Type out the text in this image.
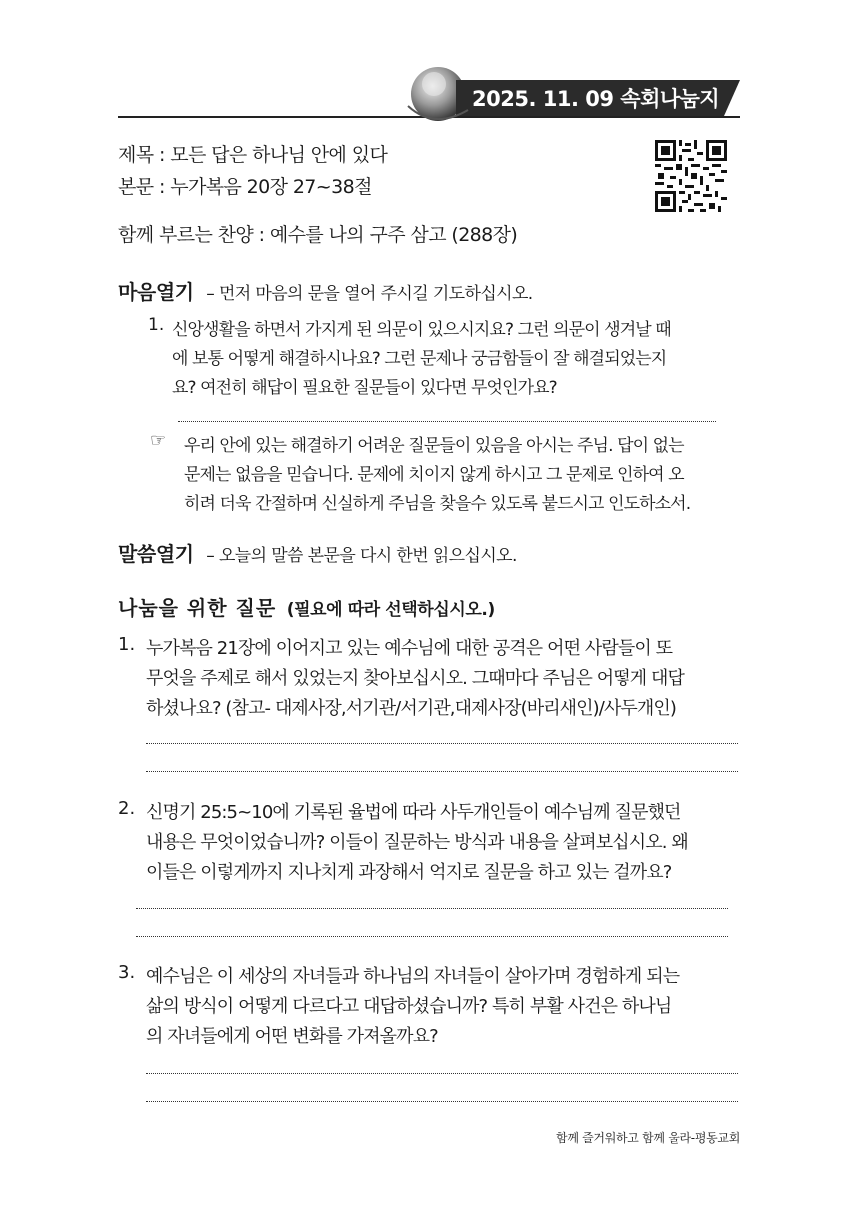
2025. 11. 09 속회나눔지
제목 : 모든 답은 하나님 안에 있다
본문 : 누가복음 20장 27~38절
함께 부르는 찬양 : 예수를 나의 구주 삼고 (288장)
마음열기 – 먼저 마음의 문을 열어 주시길 기도하십시오.
1. 신앙생활을 하면서 가지게 된 의문이 있으시지요? 그런 의문이 생겨날 때
에 보통 어떻게 해결하시나요? 그런 문제나 궁금함들이 잘 해결되었는지
요? 여전히 해답이 필요한 질문들이 있다면 무엇인가요?
☞ 우리 안에 있는 해결하기 어려운 질문들이 있음을 아시는 주님. 답이 없는
문제는 없음을 믿습니다. 문제에 치이지 않게 하시고 그 문제로 인하여 오
히려 더욱 간절하며 신실하게 주님을 찾을수 있도록 붙드시고 인도하소서.
말씀열기 – 오늘의 말씀 본문을 다시 한번 읽으십시오.
나눔을 위한 질문 (필요에 따라 선택하십시오.)
1. 누가복음 21장에 이어지고 있는 예수님에 대한 공격은 어떤 사람들이 또
무엇을 주제로 해서 있었는지 찾아보십시오. 그때마다 주님은 어떻게 대답
하셨나요? (참고- 대제사장,서기관/서기관,대제사장(바리새인)/사두개인)
2. 신명기 25:5~10에 기록된 율법에 따라 사두개인들이 예수님께 질문했던
내용은 무엇이었습니까? 이들이 질문하는 방식과 내용을 살펴보십시오. 왜
이들은 이렇게까지 지나치게 과장해서 억지로 질문을 하고 있는 걸까요?
3. 예수님은 이 세상의 자녀들과 하나님의 자녀들이 살아가며 경험하게 되는
삶의 방식이 어떻게 다르다고 대답하셨습니까? 특히 부활 사건은 하나님
의 자녀들에게 어떤 변화를 가져올까요?
함께 즐거워하고 함께 울라-평동교회
